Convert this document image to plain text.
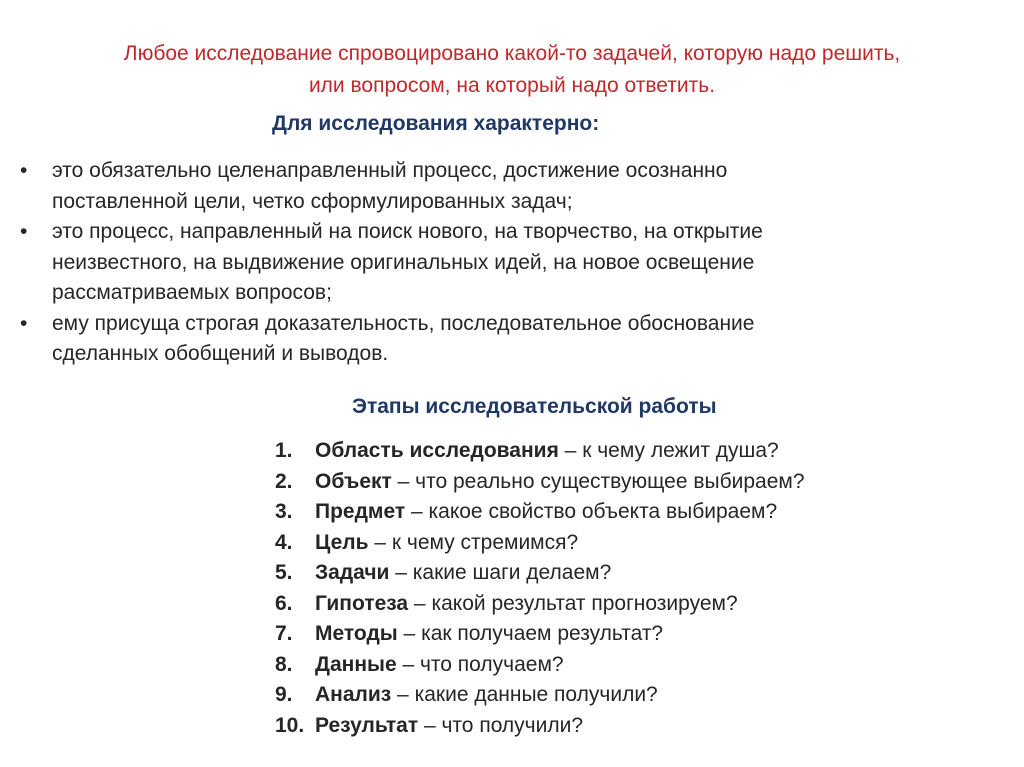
Любое исследование спровоцировано какой-то задачей, которую надо решить,
или вопросом, на который надо ответить.
Для исследования характерно:
• это обязательно целенаправленный процесс, достижение осознанно
поставленной цели, четко сформулированных задач;
• это процесс, направленный на поиск нового, на творчество, на открытие
неизвестного, на выдвижение оригинальных идей, на новое освещение
рассматриваемых вопросов;
• ему присуща строгая доказательность, последовательное обоснование
сделанных обобщений и выводов.
Этапы исследовательской работы
1. Область исследования – к чему лежит душа?
2. Объект – что реально существующее выбираем?
3. Предмет – какое свойство объекта выбираем?
4. Цель – к чему стремимся?
5. Задачи – какие шаги делаем?
6. Гипотеза – какой результат прогнозируем?
7. Методы – как получаем результат?
8. Данные – что получаем?
9. Анализ – какие данные получили?
10. Результат – что получили?
